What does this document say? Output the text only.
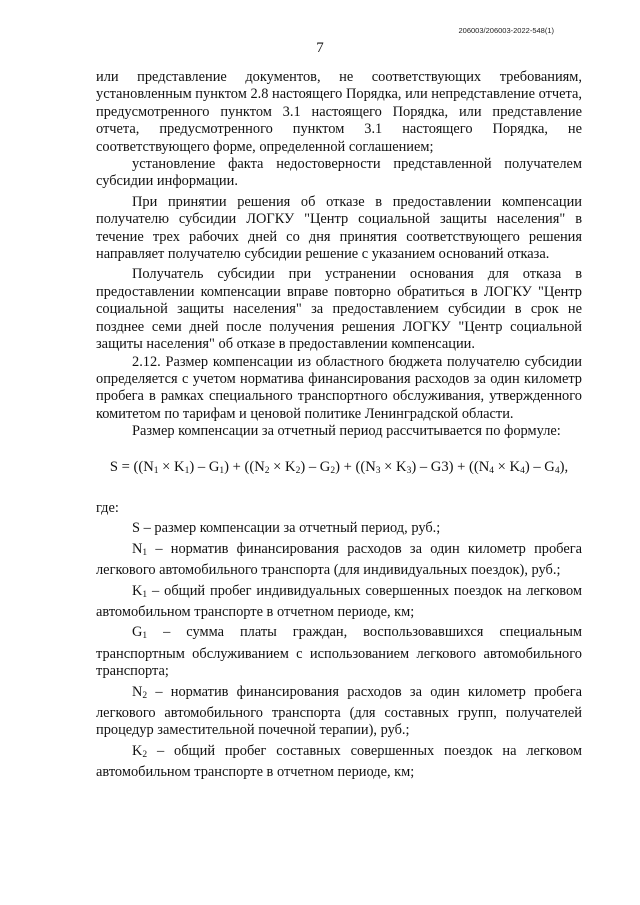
206003/206003-2022-548(1)
7

или представление документов, не соответствующих требованиям, установленным пунктом 2.8 настоящего Порядка, или непредставление отчета, предусмотренного пунктом 3.1 настоящего Порядка, или представление отчета, предусмотренного пунктом 3.1 настоящего Порядка, не соответствующего форме, определенной соглашением;

установление факта недостоверности представленной получателем субсидии информации.

При принятии решения об отказе в предоставлении компенсации получателю субсидии ЛОГКУ "Центр социальной защиты населения" в течение трех рабочих дней со дня принятия соответствующего решения направляет получателю субсидии решение с указанием оснований отказа.

Получатель субсидии при устранении основания для отказа в предоставлении компенсации вправе повторно обратиться в ЛОГКУ "Центр социальной защиты населения" за предоставлением субсидии в срок не позднее семи дней после получения решения ЛОГКУ "Центр социальной защиты населения" об отказе в предоставлении компенсации.

2.12. Размер компенсации из областного бюджета получателю субсидии определяется с учетом норматива финансирования расходов за один километр пробега в рамках специального транспортного обслуживания, утвержденного комитетом по тарифам и ценовой политике Ленинградской области.

Размер компенсации за отчетный период рассчитывается по формуле:

$S = ((N_1 \times K_1) - G_1) + ((N_2 \times K_2) - G_2) + ((N_3 \times K_3) - G3) + ((N_4 \times K_4) - G_4)$,

где:

S – размер компенсации за отчетный период, руб.;

$N_1$ – норматив финансирования расходов за один километр пробега легкового автомобильного транспорта (для индивидуальных поездок), руб.;

$K_1$ – общий пробег индивидуальных совершенных поездок на легковом автомобильном транспорте в отчетном периоде, км;

$G_1$ – сумма платы граждан, воспользовавшихся специальным транспортным обслуживанием с использованием легкового автомобильного транспорта;

$N_2$ – норматив финансирования расходов за один километр пробега легкового автомобильного транспорта (для составных групп, получателей процедур заместительной почечной терапии), руб.;

$K_2$ – общий пробег составных совершенных поездок на легковом автомобильном транспорте в отчетном периоде, км;
